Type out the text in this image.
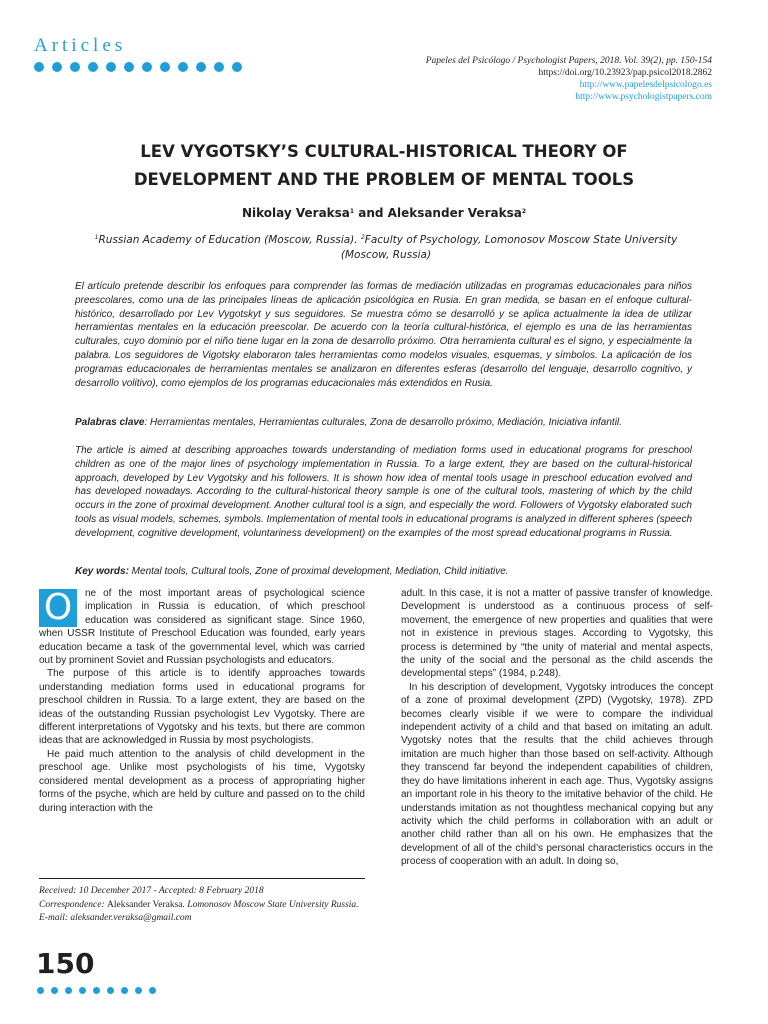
Articles
Papeles del Psicólogo / Psychologist Papers, 2018. Vol. 39(2), pp. 150-154
https://doi.org/10.23923/pap.psicol2018.2862
http://www.papelesdelpsicologo.es
http://www.psychologistpapers.com
LEV VYGOTSKY’S CULTURAL-HISTORICAL THEORY OF DEVELOPMENT AND THE PROBLEM OF MENTAL TOOLS
Nikolay Veraksa$^1$ and Aleksander Veraksa$^2$
$^1$Russian Academy of Education (Moscow, Russia). $^2$Faculty of Psychology, Lomonosov Moscow State University (Moscow, Russia)

El artículo pretende describir los enfoques para comprender las formas de mediación utilizadas en programas educacionales para niños preescolares, como una de las principales líneas de aplicación psicológica en Rusia. En gran medida, se basan en el enfoque cultural-histórico, desarrollado por Lev Vygotskyt y sus seguidores. Se muestra cómo se desarrolló y se aplica actualmente la idea de utilizar herramientas mentales en la educación preescolar. De acuerdo con la teoría cultural-histórica, el ejemplo es una de las herramientas culturales, cuyo dominio por el niño tiene lugar en la zona de desarrollo próximo. Otra herramienta cultural es el signo, y especialmente la palabra. Los seguidores de Vigotsky elaboraron tales herramientas como modelos visuales, esquemas, y símbolos. La aplicación de los programas educacionales de herramientas mentales se analizaron en diferentes esferas (desarrollo del lenguaje, desarrollo cognitivo, y desarrollo volitivo), como ejemplos de los programas educacionales más extendidos en Rusia.

Palabras clave: Herramientas mentales, Herramientas culturales, Zona de desarrollo próximo, Mediación, Iniciativa infantil.

The article is aimed at describing approaches towards understanding of mediation forms used in educational programs for preschool children as one of the major lines of psychology implementation in Russia. To a large extent, they are based on the cultural-historical approach, developed by Lev Vygotsky and his followers. It is shown how idea of mental tools usage in preschool education evolved and has developed nowadays. According to the cultural-historical theory sample is one of the cultural tools, mastering of which by the child occurs in the zone of proximal development. Another cultural tool is a sign, and especially the word. Followers of Vygotsky elaborated such tools as visual models, schemes, symbols. Implementation of mental tools in educational programs is analyzed in different spheres (speech development, cognitive development, voluntariness development) on the examples of the most spread educational programs in Russia.

Key words: Mental tools, Cultural tools, Zone of proximal development, Mediation, Child initiative.

O	ne of the most important areas of psychological science implication in Russia is education, of which preschool education was considered as significant stage. Since 1960, when USSR Institute of Preschool Education was founded, early years education became a task of the governmental level, which was carried out by prominent Soviet and Russian psychologists and educators.

The purpose of this article is to identify approaches towards understanding mediation forms used in educational programs for preschool children in Russia. To a large extent, they are based on the ideas of the outstanding Russian psychologist Lev Vygotsky. There are different interpretations of Vygotsky and his texts, but there are common ideas that are acknowledged in Russia by most psychologists.

He paid much attention to the analysis of child development in the preschool age. Unlike most psychologists of his time, Vygotsky considered mental development as a process of appropriating higher forms of the psyche, which are held by culture and passed on to the child during interaction with the

adult. In this case, it is not a matter of passive transfer of knowledge. Development is understood as a continuous process of self-movement, the emergence of new properties and qualities that were not in existence in previous stages. According to Vygotsky, this process is determined by “the unity of material and mental aspects, the unity of the social and the personal as the child ascends the developmental steps” (1984, p.248).

In his description of development, Vygotsky introduces the concept of a zone of proximal development (ZPD) (Vygotsky, 1978). ZPD becomes clearly visible if we were to compare the individual independent activity of a child and that based on imitating an adult. Vygotsky notes that the results that the child achieves through imitation are much higher than those based on self-activity. Although they transcend far beyond the independent capabilities of children, they do have limitations inherent in each age. Thus, Vygotsky assigns an important role in his theory to the imitative behavior of the child. He understands imitation as not thoughtless mechanical copying but any activity which the child performs in collaboration with an adult or another child rather than all on his own. He emphasizes that the development of all of the child’s personal characteristics occurs in the process of cooperation with an adult. In doing so,

Received: 10 December 2017 - Accepted: 8 February 2018
Correspondence: Aleksander Veraksa. Lomonosov Moscow State University Russia. E-mail: aleksander.veraksa@gmail.com
150
